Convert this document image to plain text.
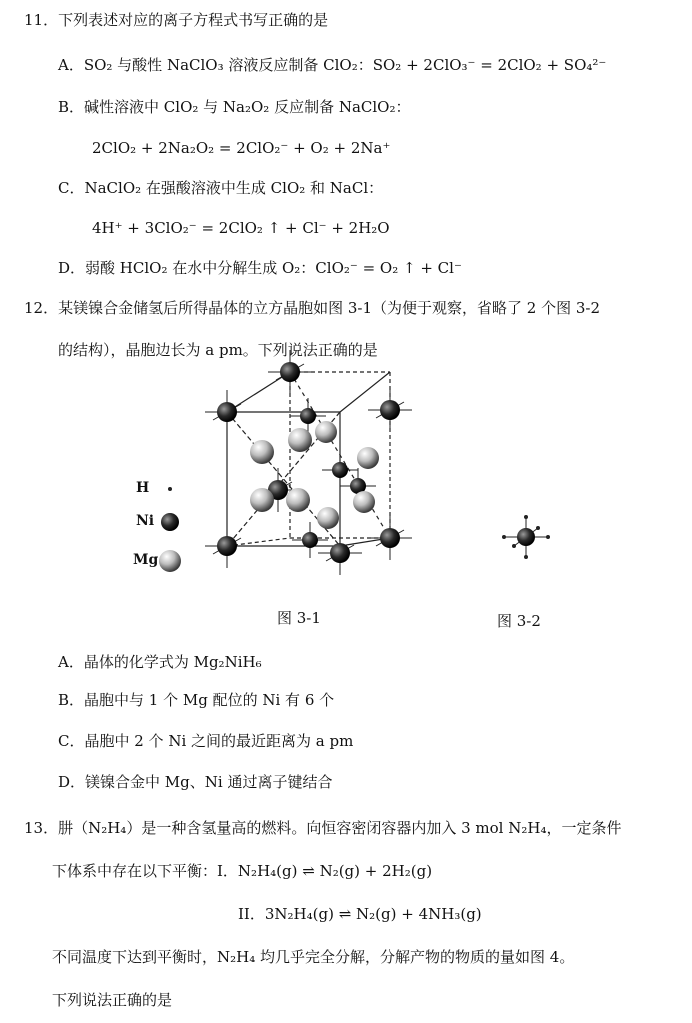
11．下列表述对应的离子方程式书写正确的是
A．SO₂ 与酸性 NaClO₃ 溶液反应制备 ClO₂：SO₂ + 2ClO₃⁻ = 2ClO₂ + SO₄²⁻
B．碱性溶液中 ClO₂ 与 Na₂O₂ 反应制备 NaClO₂：
2ClO₂ + 2Na₂O₂ = 2ClO₂⁻ + O₂ + 2Na⁺
C．NaClO₂ 在强酸溶液中生成 ClO₂ 和 NaCl：
4H⁺ + 3ClO₂⁻ = 2ClO₂ ↑ + Cl⁻ + 2H₂O
D．弱酸 HClO₂ 在水中分解生成 O₂：ClO₂⁻ = O₂ ↑ + Cl⁻
12．某镁镍合金储氢后所得晶体的立方晶胞如图 3-1（为便于观察，省略了 2 个图 3-2
的结构），晶胞边长为 a pm。下列说法正确的是
H
Ni
Mg
图 3-1	图 3-2
A．晶体的化学式为 Mg₂NiH₆
B．晶胞中与 1 个 Mg 配位的 Ni 有 6 个
C．晶胞中 2 个 Ni 之间的最近距离为 a pm
D．镁镍合金中 Mg、Ni 通过离子键结合
13．肼（N₂H₄）是一种含氢量高的燃料。向恒容密闭容器内加入 3 mol N₂H₄，一定条件
下体系中存在以下平衡：I．N₂H₄(g) ⇌ N₂(g) + 2H₂(g)
II．3N₂H₄(g) ⇌ N₂(g) + 4NH₃(g)
不同温度下达到平衡时，N₂H₄ 均几乎完全分解，分解产物的物质的量如图 4。
下列说法正确的是
